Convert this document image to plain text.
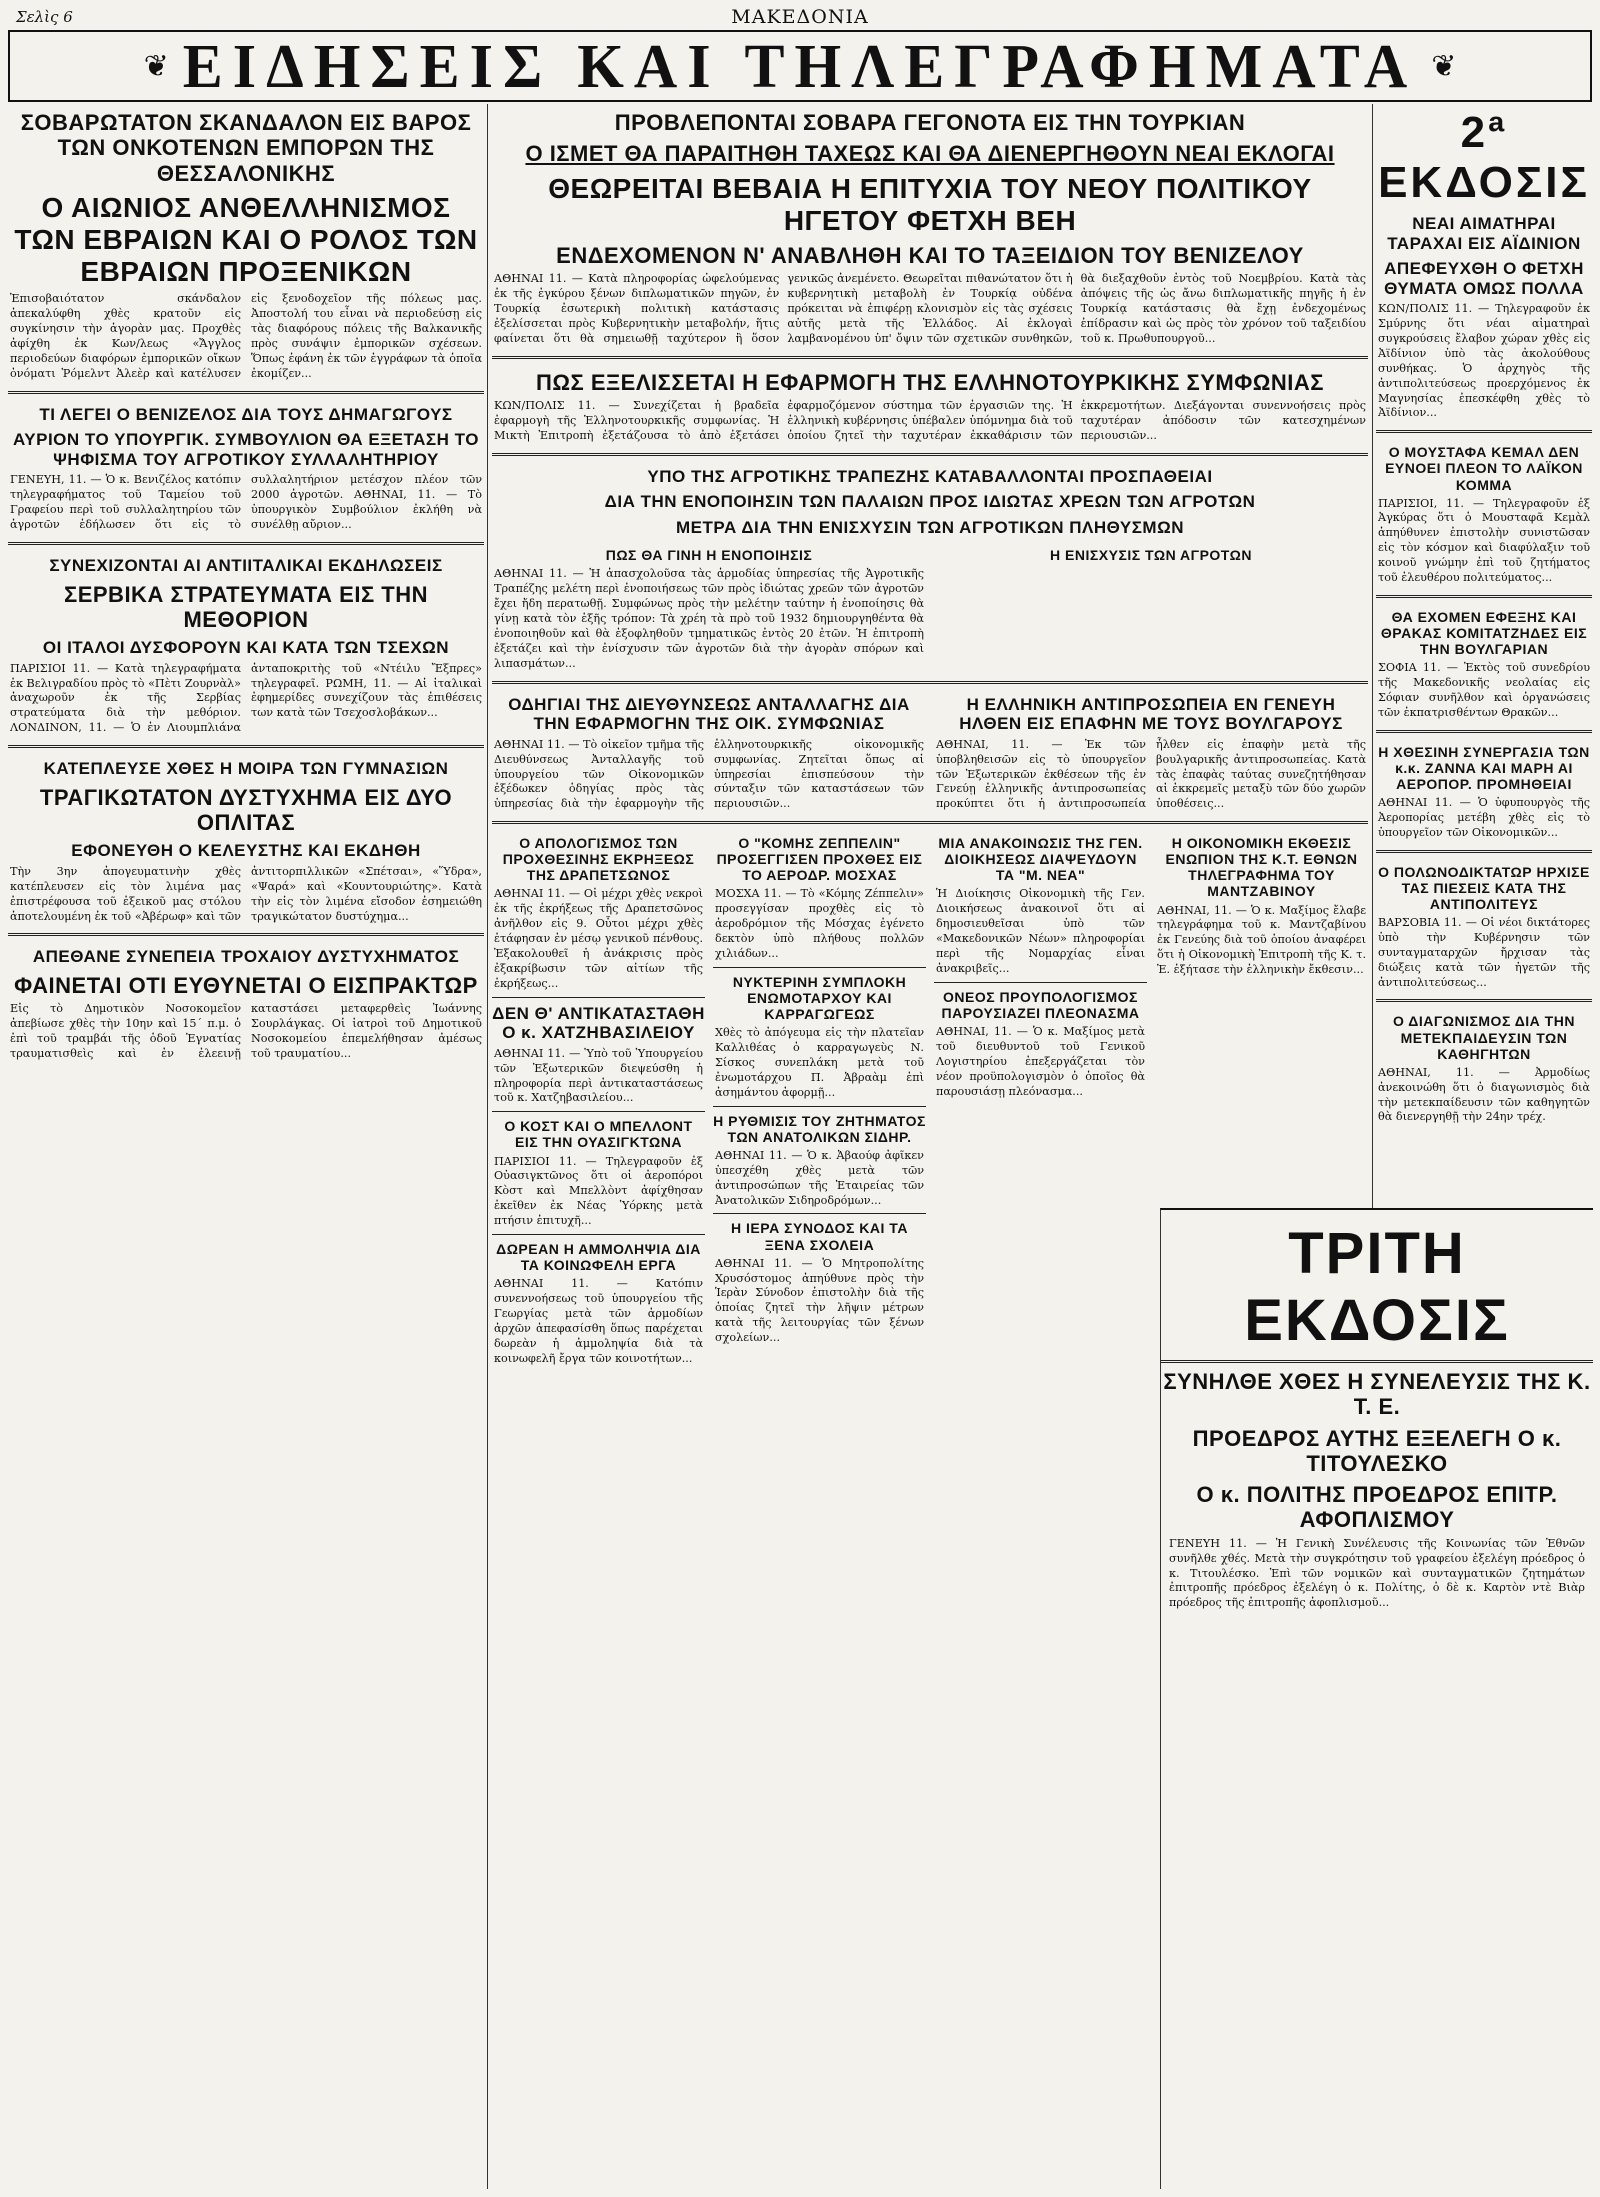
Σελὶς 6	ΜΑΚΕΔΟΝΙΑ
❦ ΕΙΔΗΣΕΙΣ ΚΑΙ ΤΗΛΕΓΡΑΦΗΜΑΤΑ ❦
ΣΟΒΑΡΩΤΑΤΟΝ ΣΚΑΝΔΑΛΟΝ ΕΙΣ ΒΑΡΟΣ ΤΩΝ ΟΝΚΟΤΕΝΩΝ ΕΜΠΟΡΩΝ ΤΗΣ ΘΕΣΣΑΛΟΝΙΚΗΣ
Ο ΑΙΩΝΙΟΣ ΑΝΘΕΛΛΗΝΙΣΜΟΣ ΤΩΝ ΕΒΡΑΙΩΝ ΚΑΙ Ο ΡΟΛΟΣ ΤΩΝ ΕΒΡΑΙΩΝ ΠΡΟΞΕΝΙΚΩΝ
Ἐπισοβαιότατον σκάνδαλον ἀπεκαλύφθη χθὲς κρατοῦν εἰς συγκίνησιν τὴν ἀγορὰν μας. Προχθὲς ἀφίχθη ἐκ Κων/λεως «Ἄγγλος περιοδεύων διαφόρων ἐμπορικῶν οἴκων ὀνόματι Ῥόμελντ Ἀλεὲρ καὶ κατέλυσεν εἰς ξενοδοχεῖον τῆς πόλεως μας. Ἀποστολή του εἶναι νὰ περιοδεύσῃ εἰς τὰς διαφόρους πόλεις τῆς Βαλκανικῆς πρὸς συνάψιν ἐμπορικῶν σχέσεων. Ὅπως ἐφάνη ἐκ τῶν ἐγγράφων τὰ ὁποῖα ἐκομίζεν...
ΤΙ ΛΕΓΕΙ Ο ΒΕΝΙΖΕΛΟΣ ΔΙΑ ΤΟΥΣ ΔΗΜΑΓΩΓΟΥΣ
ΑΥΡΙΟΝ ΤΟ ΥΠΟΥΡΓΙΚ. ΣΥΜΒΟΥΛΙΟΝ ΘΑ ΕΞΕΤΑΣΗ ΤΟ ΨΗΦΙΣΜΑ ΤΟΥ ΑΓΡΟΤΙΚΟΥ ΣΥΛΛΑΛΗΤΗΡΙΟΥ
ΓΕΝΕΥΗ, 11. — Ὁ κ. Βενιζέλος κατόπιν τηλεγραφήματος τοῦ Ταμείου τοῦ Γραφείου περὶ τοῦ συλλαλητηρίου τῶν ἀγροτῶν ἐδήλωσεν ὅτι εἰς τὸ συλλαλητήριον μετέσχον πλέον τῶν 2000 ἀγροτῶν. ΑΘΗΝΑΙ, 11. — Τὸ ὑπουργικὸν Συμβούλιον ἐκλήθη νὰ συνέλθῃ αὔριον...
ΣΥΝΕΧΙΖΟΝΤΑΙ ΑΙ ΑΝΤΙΙΤΑΛΙΚΑΙ ΕΚΔΗΛΩΣΕΙΣ
ΣΕΡΒΙΚΑ ΣΤΡΑΤΕΥΜΑΤΑ ΕΙΣ ΤΗΝ ΜΕΘΟΡΙΟΝ
ΟΙ ΙΤΑΛΟΙ ΔΥΣΦΟΡΟΥΝ ΚΑΙ ΚΑΤΑ ΤΩΝ ΤΣΕΧΩΝ
ΠΑΡΙΣΙΟΙ 11. — Κατὰ τηλεγραφήματα ἐκ Βελιγραδίου πρὸς τὸ «Πὲτι Ζουρνὰλ» ἀναχωροῦν ἐκ τῆς Σερβίας στρατεύματα διὰ τὴν μεθόριον. ΛΟΝΔΙΝΟΝ, 11. — Ὁ ἐν Λιουμπλιάνα ἀνταποκριτὴς τοῦ «Ντέιλυ Ἔξπρες» τηλεγραφεῖ. ΡΩΜΗ, 11. — Αἱ ἰταλικαὶ ἐφημερίδες συνεχίζουν τὰς ἐπιθέσεις των κατὰ τῶν Τσεχοσλοβάκων...
ΚΑΤΕΠΛΕΥΣΕ ΧΘΕΣ Η ΜΟΙΡΑ ΤΩΝ ΓΥΜΝΑΣΙΩΝ
ΤΡΑΓΙΚΩΤΑΤΟΝ ΔΥΣΤΥΧΗΜΑ ΕΙΣ ΔΥΟ ΟΠΛΙΤΑΣ
ΕΦΟΝΕΥΘΗ Ο ΚΕΛΕΥΣΤΗΣ ΚΑΙ ΕΚΔΗΘΗ
Τὴν 3ην ἀπογευματινὴν χθὲς κατέπλευσεν εἰς τὸν λιμένα μας ἐπιστρέφουσα τοῦ ἐξεικοῦ μας στόλου ἀποτελουμένη ἐκ τοῦ «Ἀβέρωφ» καὶ τῶν ἀντιτορπιλλικῶν «Σπέτσαι», «Ὕδρα», «Ψαρά» καὶ «Κουντουριώτης». Κατὰ τὴν εἰς τὸν λιμένα εἴσοδον ἐσημειώθη τραγικώτατον δυστύχημα...
ΑΠΕΘΑΝΕ ΣΥΝΕΠΕΙΑ ΤΡΟΧΑΙΟΥ ΔΥΣΤΥΧΗΜΑΤΟΣ
ΦΑΙΝΕΤΑΙ ΟΤΙ ΕΥΘΥΝΕΤΑΙ Ο ΕΙΣΠΡΑΚΤΩΡ
Εἰς τὸ Δημοτικὸν Νοσοκομεῖον ἀπεβίωσε χθὲς τὴν 10ην καὶ 15΄ π.μ. ὁ ἐπὶ τοῦ τραμβάι τῆς ὁδοῦ Ἐγνατίας τραυματισθεὶς καὶ ἐν ἐλεεινῇ καταστάσει μεταφερθεὶς Ἰωάννης Σουρλάγκας. Οἱ ἰατροὶ τοῦ Δημοτικοῦ Νοσοκομείου ἐπεμελήθησαν ἀμέσως τοῦ τραυματίου...
ΠΡΟΒΛΕΠΟΝΤΑΙ ΣΟΒΑΡΑ ΓΕΓΟΝΟΤΑ ΕΙΣ ΤΗΝ ΤΟΥΡΚΙΑΝ
Ο ΙΣΜΕΤ ΘΑ ΠΑΡΑΙΤΗΘΗ ΤΑΧΕΩΣ ΚΑΙ ΘΑ ΔΙΕΝΕΡΓΗΘΟΥΝ ΝΕΑΙ ΕΚΛΟΓΑΙ
ΘΕΩΡΕΙΤΑΙ ΒΕΒΑΙΑ Η ΕΠΙΤΥΧΙΑ ΤΟΥ ΝΕΟΥ ΠΟΛΙΤΙΚΟΥ ΗΓΕΤΟΥ ΦΕΤΧΗ ΒΕΗ
ΕΝΔΕΧΟΜΕΝΟΝ Ν' ΑΝΑΒΛΗΘΗ ΚΑΙ ΤΟ ΤΑΞΕΙΔΙΟΝ ΤΟΥ ΒΕΝΙΖΕΛΟΥ
ΑΘΗΝΑΙ 11. — Κατὰ πληροφορίας ὠφελούμενας ἐκ τῆς ἐγκύρου ξένων διπλωματικῶν πηγῶν, ἐν Τουρκίᾳ ἐσωτερικὴ πολιτικὴ κατάστασις ἐξελίσσεται πρὸς Κυβερνητικὴν μεταβολήν, ἥτις φαίνεται ὅτι θὰ σημειωθῇ ταχύτερον ἢ ὅσον γενικῶς ἀνεμένετο. Θεωρεῖται πιθανώτατον ὅτι ἡ κυβερνητικὴ μεταβολὴ ἐν Τουρκίᾳ οὐδένα πρόκειται νὰ ἐπιφέρῃ κλονισμὸν εἰς τὰς σχέσεις αὐτῆς μετὰ τῆς Ἑλλάδος. Αἱ ἐκλογαὶ λαμβανομένου ὑπ' ὄψιν τῶν σχετικῶν συνθηκῶν, θὰ διεξαχθοῦν ἐντὸς τοῦ Νοεμβρίου. Κατὰ τὰς ἀπόψεις τῆς ὡς ἄνω διπλωματικῆς πηγῆς ἡ ἐν Τουρκίᾳ κατάστασις θὰ ἔχῃ ἐνδεχομένως ἐπίδρασιν καὶ ὡς πρὸς τὸν χρόνον τοῦ ταξειδίου τοῦ κ. Πρωθυπουργοῦ...
ΠΩΣ ΕΞΕΛΙΣΣΕΤΑΙ Η ΕΦΑΡΜΟΓΗ ΤΗΣ ΕΛΛΗΝΟΤΟΥΡΚΙΚΗΣ ΣΥΜΦΩΝΙΑΣ
ΚΩΝ/ΠΟΛΙΣ 11. — Συνεχίζεται ἡ βραδεῖα ἐφαρμογὴ τῆς Ἑλληνοτουρκικῆς συμφωνίας. Ἡ Μικτὴ Ἐπιτροπὴ ἐξετάζουσα τὸ ἀπὸ ἐξετάσει ἐφαρμοζόμενον σύστημα τῶν ἐργασιῶν της. Ἡ ἑλληνικὴ κυβέρνησις ὑπέβαλεν ὑπόμνημα διὰ τοῦ ὁποίου ζητεῖ τὴν ταχυτέραν ἐκκαθάρισιν τῶν ἐκκρεμοτήτων. Διεξάγονται συνεννοήσεις πρὸς ταχυτέραν ἀπόδοσιν τῶν κατεσχημένων περιουσιῶν...
ΥΠΟ ΤΗΣ ΑΓΡΟΤΙΚΗΣ ΤΡΑΠΕΖΗΣ ΚΑΤΑΒΑΛΛΟΝΤΑΙ ΠΡΟΣΠΑΘΕΙΑΙ
ΔΙΑ ΤΗΝ ΕΝΟΠΟΙΗΣΙΝ ΤΩΝ ΠΑΛΑΙΩΝ ΠΡΟΣ ΙΔΙΩΤΑΣ ΧΡΕΩΝ ΤΩΝ ΑΓΡΟΤΩΝ
ΜΕΤΡΑ ΔΙΑ ΤΗΝ ΕΝΙΣΧΥΣΙΝ ΤΩΝ ΑΓΡΟΤΙΚΩΝ ΠΛΗΘΥΣΜΩΝ
ΠΩΣ ΘΑ ΓΙΝΗ Η ΕΝΟΠΟΙΗΣΙΣ
ΑΘΗΝΑΙ 11. — Ἡ ἀπασχολοῦσα τὰς ἁρμοδίας ὑπηρεσίας τῆς Ἀγροτικῆς Τραπέζης μελέτη περὶ ἐνοποιήσεως τῶν πρὸς ἰδιώτας χρεῶν τῶν ἀγροτῶν ἔχει ἤδη περατωθῇ. Συμφώνως πρὸς τὴν μελέτην ταύτην ἡ ἐνοποίησις θὰ γίνῃ κατὰ τὸν ἑξῆς τρόπον: Τὰ χρέη τὰ πρὸ τοῦ 1932 δημιουργηθέντα θὰ ἐνοποιηθοῦν καὶ θὰ ἐξοφληθοῦν τμηματικῶς ἐντὸς 20 ἐτῶν. Ἡ ἐπιτροπὴ ἐξετάζει καὶ τὴν ἐνίσχυσιν τῶν ἀγροτῶν διὰ τὴν ἀγορὰν σπόρων καὶ λιπασμάτων...
Η ΕΝΙΣΧΥΣΙΣ ΤΩΝ ΑΓΡΟΤΩΝ
ΟΔΗΓΙΑΙ ΤΗΣ ΔΙΕΥΘΥΝΣΕΩΣ ΑΝΤΑΛΛΑΓΗΣ ΔΙΑ ΤΗΝ ΕΦΑΡΜΟΓΗΝ ΤΗΣ ΟΙΚ. ΣΥΜΦΩΝΙΑΣ
ΑΘΗΝΑΙ 11. — Τὸ οἰκεῖον τμῆμα τῆς Διευθύνσεως Ἀνταλλαγῆς τοῦ ὑπουργείου τῶν Οἰκονομικῶν ἐξέδωκεν ὁδηγίας πρὸς τὰς ὑπηρεσίας διὰ τὴν ἐφαρμογὴν τῆς ἑλληνοτουρκικῆς οἰκονομικῆς συμφωνίας. Ζητεῖται ὅπως αἱ ὑπηρεσίαι ἐπισπεύσουν τὴν σύνταξιν τῶν καταστάσεων τῶν περιουσιῶν...
Η ΕΛΛΗΝΙΚΗ ΑΝΤΙΠΡΟΣΩΠΕΙΑ ΕΝ ΓΕΝΕΥΗ ΗΛΘΕΝ ΕΙΣ ΕΠΑΦΗΝ ΜΕ ΤΟΥΣ ΒΟΥΛΓΑΡΟΥΣ
ΑΘΗΝΑΙ, 11. — Ἐκ τῶν ὑποβληθεισῶν εἰς τὸ ὑπουργεῖον τῶν Ἐξωτερικῶν ἐκθέσεων τῆς ἐν Γενεύῃ ἑλληνικῆς ἀντιπροσωπείας προκύπτει ὅτι ἡ ἀντιπροσωπεία ἦλθεν εἰς ἐπαφὴν μετὰ τῆς βουλγαρικῆς ἀντιπροσωπείας. Κατὰ τὰς ἐπαφὰς ταύτας συνεζητήθησαν αἱ ἐκκρεμεῖς μεταξὺ τῶν δύο χωρῶν ὑποθέσεις...
Ο ΑΠΟΛΟΓΙΣΜΟΣ ΤΩΝ ΠΡΟΧΘΕΣΙΝΗΣ ΕΚΡΗΞΕΩΣ ΤΗΣ ΔΡΑΠΕΤΣΩΝΟΣ
ΑΘΗΝΑΙ 11. — Οἱ μέχρι χθὲς νεκροὶ ἐκ τῆς ἐκρήξεως τῆς Δραπετσῶνος ἀνῆλθον εἰς 9. Οὗτοι μέχρι χθὲς ἐτάφησαν ἐν μέσῳ γενικοῦ πένθους. Ἐξακολουθεῖ ἡ ἀνάκρισις πρὸς ἐξακρίβωσιν τῶν αἰτίων τῆς ἐκρήξεως...
ΔΕΝ Θ' ΑΝΤΙΚΑΤΑΣΤΑΘΗ Ο κ. ΧΑΤΖΗΒΑΣΙΛΕΙΟΥ
ΑΘΗΝΑΙ 11. — Ὑπὸ τοῦ Ὑπουργείου τῶν Ἐξωτερικῶν διεψεύσθη ἡ πληροφορία περὶ ἀντικαταστάσεως τοῦ κ. Χατζηβασιλείου...
Ο ΚΟΣΤ ΚΑΙ Ο ΜΠΕΛΛΟΝΤ ΕΙΣ ΤΗΝ ΟΥΑΣΙΓΚΤΩΝΑ
ΠΑΡΙΣΙΟΙ 11. — Τηλεγραφοῦν ἐξ Οὐασιγκτῶνος ὅτι οἱ ἀεροπόροι Κὸστ καὶ Μπελλὸντ ἀφίχθησαν ἐκεῖθεν ἐκ Νέας Ὑόρκης μετὰ πτήσιν ἐπιτυχῆ...
ΔΩΡΕΑΝ Η ΑΜΜΟΛΗΨΙΑ ΔΙΑ ΤΑ ΚΟΙΝΩΦΕΛΗ ΕΡΓΑ
ΑΘΗΝΑΙ 11. — Κατόπιν συνεννοήσεως τοῦ ὑπουργείου τῆς Γεωργίας μετὰ τῶν ἁρμοδίων ἀρχῶν ἀπεφασίσθη ὅπως παρέχεται δωρεὰν ἡ ἀμμοληψία διὰ τὰ κοινωφελῆ ἔργα τῶν κοινοτήτων...
Ο "ΚΟΜΗΣ ΖΕΠΠΕΛΙΝ" ΠΡΟΣΕΓΓΙΣΕΝ ΠΡΟΧΘΕΣ ΕΙΣ ΤΟ ΑΕΡΟΔΡ. ΜΟΣΧΑΣ
ΜΟΣΧΑ 11. — Τὸ «Κόμης Ζέππελιν» προσεγγίσαν προχθὲς εἰς τὸ ἀεροδρόμιον τῆς Μόσχας ἐγένετο δεκτὸν ὑπὸ πλήθους πολλῶν χιλιάδων...
ΝΥΚΤΕΡΙΝΗ ΣΥΜΠΛΟΚΗ ΕΝΩΜΟΤΑΡΧΟΥ ΚΑΙ ΚΑΡΡΑΓΩΓΕΩΣ
Χθὲς τὸ ἀπόγευμα εἰς τὴν πλατεῖαν Καλλιθέας ὁ καρραγωγεὺς Ν. Σίσκος συνεπλάκη μετὰ τοῦ ἐνωμοτάρχου Π. Ἀβραὰμ ἐπὶ ἀσημάντου ἀφορμῇ...
Η ΡΥΘΜΙΣΙΣ ΤΟΥ ΖΗΤΗΜΑΤΟΣ ΤΩΝ ΑΝΑΤΟΛΙΚΩΝ ΣΙΔΗΡ.
ΑΘΗΝΑΙ 11. — Ὁ κ. Ἀβαούφ ἀφῖκεν ὑπεσχέθη χθὲς μετὰ τῶν ἀντιπροσώπων τῆς Ἑταιρείας τῶν Ἀνατολικῶν Σιδηροδρόμων...
Η ΙΕΡΑ ΣΥΝΟΔΟΣ ΚΑΙ ΤΑ ΞΕΝΑ ΣΧΟΛΕΙΑ
ΑΘΗΝΑΙ 11. — Ὁ Μητροπολίτης Χρυσόστομος ἀπηύθυνε πρὸς τὴν Ἱερὰν Σύνοδον ἐπιστολὴν διὰ τῆς ὁποίας ζητεῖ τὴν λῆψιν μέτρων κατὰ τῆς λειτουργίας τῶν ξένων σχολείων...
ΜΙΑ ΑΝΑΚΟΙΝΩΣΙΣ ΤΗΣ ΓΕΝ. ΔΙΟΙΚΗΣΕΩΣ ΔΙΑΨΕΥΔΟΥΝ ΤΑ "Μ. ΝΕΑ"
Ἡ Διοίκησις Οἰκονομικὴ τῆς Γεν. Διοικήσεως ἀνακοινοῖ ὅτι αἱ δημοσιευθεῖσαι ὑπὸ τῶν «Μακεδονικῶν Νέων» πληροφορίαι περὶ τῆς Νομαρχίας εἶναι ἀνακριβεῖς...
ΟΝΕΟΣ ΠΡΟΥΠΟΛΟΓΙΣΜΟΣ ΠΑΡΟΥΣΙΑΖΕΙ ΠΛΕΟΝΑΣΜΑ
ΑΘΗΝΑΙ, 11. — Ὁ κ. Μαξίμος μετὰ τοῦ διευθυντοῦ τοῦ Γενικοῦ Λογιστηρίου ἐπεξεργάζεται τὸν νέον προϋπολογισμὸν ὁ ὁποῖος θὰ παρουσιάσῃ πλεόνασμα...
Η ΟΙΚΟΝΟΜΙΚΗ ΕΚΘΕΣΙΣ ΕΝΩΠΙΟΝ ΤΗΣ Κ.Τ. ΕΘΝΩΝ ΤΗΛΕΓΡΑΦΗΜΑ ΤΟΥ ΜΑΝΤΖΑΒΙΝΟΥ
ΑΘΗΝΑΙ, 11. — Ὁ κ. Μαξίμος ἔλαβε τηλεγράφημα τοῦ κ. Μαντζαβίνου ἐκ Γενεύης διὰ τοῦ ὁποίου ἀναφέρει ὅτι ἡ Οἰκονομικὴ Ἐπιτροπὴ τῆς Κ. τ. Ἐ. ἐξήτασε τὴν ἑλληνικὴν ἔκθεσιν...
2ª ΕΚΔΟΣΙΣ
ΝΕΑΙ ΑΙΜΑΤΗΡΑΙ ΤΑΡΑΧΑΙ ΕΙΣ ΑΪΔΙΝΙΟΝ
ΑΠΕΦΕΥΧΘΗ Ο ΦΕΤΧΗ ΘΥΜΑΤΑ ΟΜΩΣ ΠΟΛΛΑ
ΚΩΝ/ΠΟΛΙΣ 11. — Τηλεγραφοῦν ἐκ Σμύρνης ὅτι νέαι αἱματηραὶ συγκρούσεις ἔλαβον χώραν χθὲς εἰς Ἀϊδίνιον ὑπὸ τὰς ἀκολούθους συνθήκας. Ὁ ἀρχηγὸς τῆς ἀντιπολιτεύσεως προερχόμενος ἐκ Μαγνησίας ἐπεσκέφθη χθὲς τὸ Ἀϊδίνιον...
Ο ΜΟΥΣΤΑΦΑ ΚΕΜΑΛ ΔΕΝ ΕΥΝΟΕΙ ΠΛΕΟΝ ΤΟ ΛΑΪΚΟΝ ΚΟΜΜΑ
ΠΑΡΙΣΙΟΙ, 11. — Τηλεγραφοῦν ἐξ Ἀγκύρας ὅτι ὁ Μουσταφᾶ Κεμὰλ ἀπηύθυνεν ἐπιστολὴν συνιστῶσαν εἰς τὸν κόσμον καὶ διαφύλαξιν τοῦ κοινοῦ γνώμην ἐπὶ τοῦ ζητήματος τοῦ ἐλευθέρου πολιτεύματος...
ΘΑ ΕΧΟΜΕΝ ΕΦΕΞΗΣ ΚΑΙ ΘΡΑΚΑΣ ΚΟΜΙΤΑΤΖΗΔΕΣ ΕΙΣ ΤΗΝ ΒΟΥΛΓΑΡΙΑΝ
ΣΟΦΙΑ 11. — Ἐκτὸς τοῦ συνεδρίου τῆς Μακεδονικῆς νεολαίας εἰς Σόφιαν συνῆλθον καὶ ὀργανώσεις τῶν ἐκπατρισθέντων Θρακῶν...
Η ΧΘΕΣΙΝΗ ΣΥΝΕΡΓΑΣΙΑ ΤΩΝ κ.κ. ΖΑΝΝΑ ΚΑΙ ΜΑΡΗ ΑΙ ΑΕΡΟΠΟΡ. ΠΡΟΜΗΘΕΙΑΙ
ΑΘΗΝΑΙ 11. — Ὁ ὑφυπουργὸς τῆς Ἀεροπορίας μετέβη χθὲς εἰς τὸ ὑπουργεῖον τῶν Οἰκονομικῶν...
Ο ΠΟΛΩΝΟΔΙΚΤΑΤΩΡ ΗΡΧΙΣΕ ΤΑΣ ΠΙΕΣΕΙΣ ΚΑΤΑ ΤΗΣ ΑΝΤΙΠΟΛΙΤΕΥΣ
ΒΑΡΣΟΒΙΑ 11. — Οἱ νέοι δικτάτορες ὑπὸ τὴν Κυβέρνησιν τῶν συνταγματαρχῶν ἤρχισαν τὰς διώξεις κατὰ τῶν ἡγετῶν τῆς ἀντιπολιτεύσεως...
Ο ΔΙΑΓΩΝΙΣΜΟΣ ΔΙΑ ΤΗΝ ΜΕΤΕΚΠΑΙΔΕΥΣΙΝ ΤΩΝ ΚΑΘΗΓΗΤΩΝ
ΑΘΗΝΑΙ, 11. — Ἀρμοδίως ἀνεκοινώθη ὅτι ὁ διαγωνισμὸς διὰ τὴν μετεκπαίδευσιν τῶν καθηγητῶν θὰ διενεργηθῇ τὴν 24ην τρέχ.
ΤΡΙΤΗ ΕΚΔΟΣΙΣ
ΣΥΝΗΛΘΕ ΧΘΕΣ Η ΣΥΝΕΛΕΥΣΙΣ ΤΗΣ Κ. Τ. Ε.
ΠΡΟΕΔΡΟΣ ΑΥΤΗΣ ΕΞΕΛΕΓΗ Ο κ. ΤΙΤΟΥΛΕΣΚΟ
Ο κ. ΠΟΛΙΤΗΣ ΠΡΟΕΔΡΟΣ ΕΠΙΤΡ. ΑΦΟΠΛΙΣΜΟΥ
ΓΕΝΕΥΗ 11. — Ἡ Γενικὴ Συνέλευσις τῆς Κοινωνίας τῶν Ἐθνῶν συνῆλθε χθές. Μετὰ τὴν συγκρότησιν τοῦ γραφείου ἐξελέγη πρόεδρος ὁ κ. Τιτουλέσκο. Ἐπὶ τῶν νομικῶν καὶ συνταγματικῶν ζητημάτων ἐπιτροπῆς πρόεδρος ἐξελέγη ὁ κ. Πολίτης, ὁ δὲ κ. Καρτὸν ντὲ Βιὰρ πρόεδρος τῆς ἐπιτροπῆς ἀφοπλισμοῦ...
